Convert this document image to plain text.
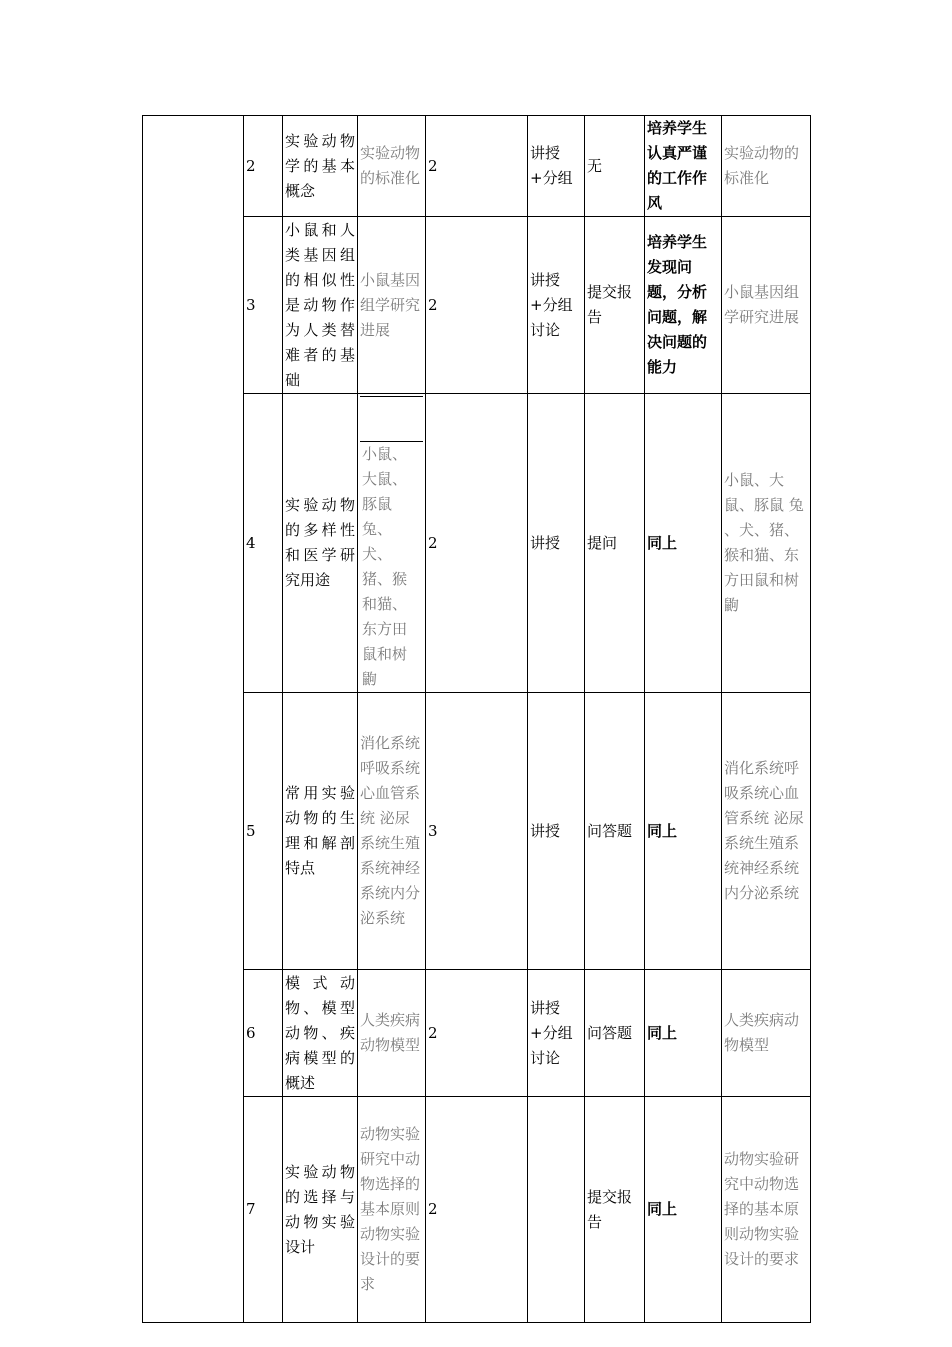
	2	实验动物学的基本概念	实验动物的标准化	2	讲授+分组	无	培养学生认真严谨的工作作风	实验动物的标准化
	3	小鼠和人类基因组的相似性是动物作为人类替难者的基础	小鼠基因组学研究进展	2	讲授+分组讨论	提交报告	培养学生发现问题，分析问题，解决问题的能力	小鼠基因组学研究进展
	4	实验动物的多样性和医学研究用途	小鼠、大鼠、豚鼠兔、犬、猪、猴和猫、东方田鼠和树鼩	2	讲授	提问	同上	小鼠、大鼠、豚鼠 兔 、犬、猪、猴和猫、东方田鼠和树鼩
	5	常用实验动物的生理和解剖特点	消化系统呼吸系统心血管系统 泌尿系统生殖系统神经系统内分泌系统	3	讲授	问答题	同上	消化系统呼吸系统心血管系统 泌尿系统生殖系统神经系统内分泌系统
	6	模式动物、模型动物、疾病模型的概述	人类疾病动物模型	2	讲授+分组讨论	问答题	同上	人类疾病动物模型
	7	实验动物的选择与动物实验设计	动物实验研究中动物选择的基本原则动物实验设计的要求	2		提交报告	同上	动物实验研究中动物选择的基本原则动物实验设计的要求
